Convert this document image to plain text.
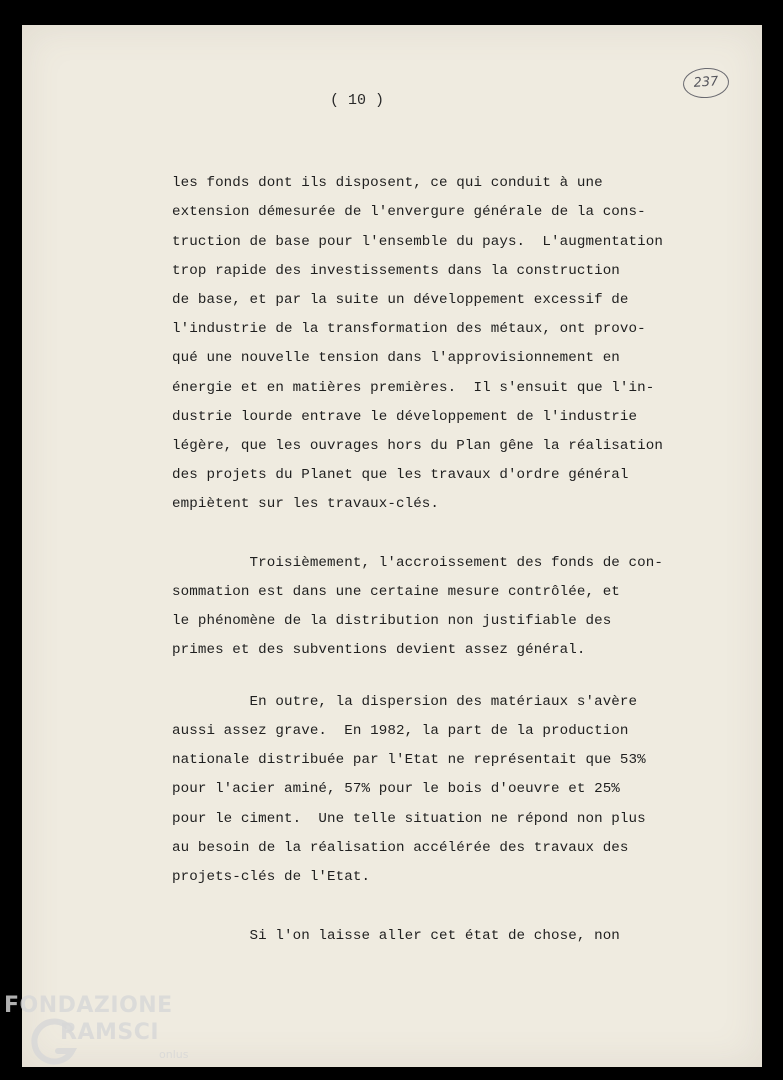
( 10 )
237
les fonds dont ils disposent, ce qui conduit à une
extension démesurée de l'envergure générale de la cons-
truction de base pour l'ensemble du pays.  L'augmentation
trop rapide des investissements dans la construction
de base, et par la suite un développement excessif de
l'industrie de la transformation des métaux, ont provo-
qué une nouvelle tension dans l'approvisionnement en
énergie et en matières premières.  Il s'ensuit que l'in-
dustrie lourde entrave le développement de l'industrie
légère, que les ouvrages hors du Plan gêne la réalisation
des projets du Planet que les travaux d'ordre général
empiètent sur les travaux-clés.
Troisièmement, l'accroissement des fonds de con-
sommation est dans une certaine mesure contrôlée, et
le phénomène de la distribution non justifiable des
primes et des subventions devient assez général.
En outre, la dispersion des matériaux s'avère
aussi assez grave.  En 1982, la part de la production
nationale distribuée par l'Etat ne représentait que 53%
pour l'acier aminé, 57% pour le bois d'oeuvre et 25%
pour le ciment.  Une telle situation ne répond non plus
au besoin de la réalisation accélérée des travaux des
projets-clés de l'Etat.
Si l'on laisse aller cet état de chose, non
FONDAZIONE
RAMSCI
onlus
